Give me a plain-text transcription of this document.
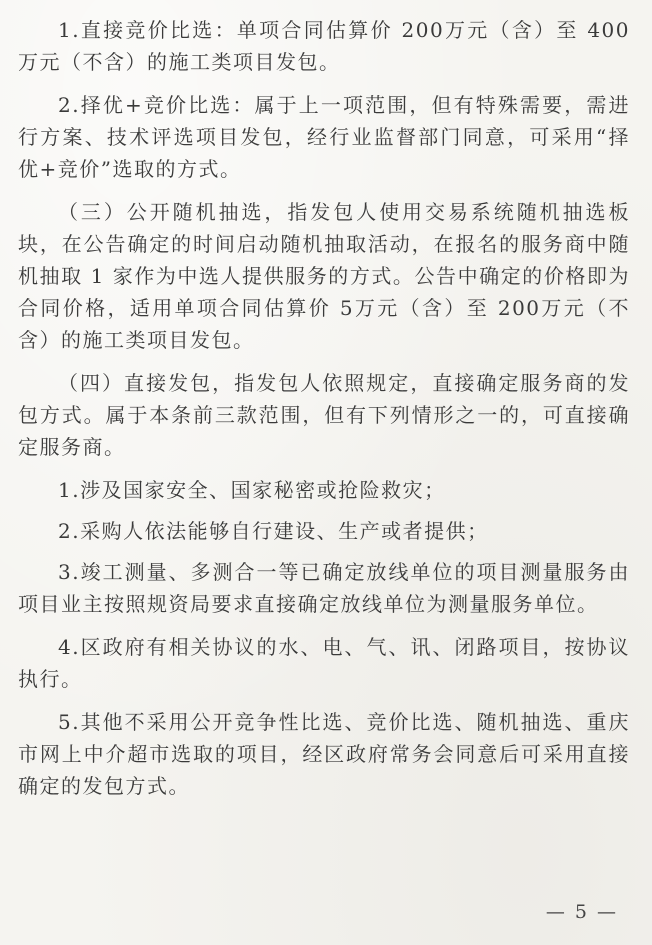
1.直接竞价比选：单项合同估算价 200万元（含）至 400万元（不含）的施工类项目发包。

2.择优+竞价比选：属于上一项范围，但有特殊需要，需进行方案、技术评选项目发包，经行业监督部门同意，可采用“择优+竞价”选取的方式。

（三）公开随机抽选，指发包人使用交易系统随机抽选板块，在公告确定的时间启动随机抽取活动，在报名的服务商中随机抽取 1 家作为中选人提供服务的方式。公告中确定的价格即为合同价格，适用单项合同估算价 5万元（含）至 200万元（不含）的施工类项目发包。

（四）直接发包，指发包人依照规定，直接确定服务商的发包方式。属于本条前三款范围，但有下列情形之一的，可直接确定服务商。

1.涉及国家安全、国家秘密或抢险救灾；

2.采购人依法能够自行建设、生产或者提供；

3.竣工测量、多测合一等已确定放线单位的项目测量服务由项目业主按照规资局要求直接确定放线单位为测量服务单位。

4.区政府有相关协议的水、电、气、讯、闭路项目，按协议执行。

5.其他不采用公开竞争性比选、竞价比选、随机抽选、重庆市网上中介超市选取的项目，经区政府常务会同意后可采用直接确定的发包方式。

— 5 —
